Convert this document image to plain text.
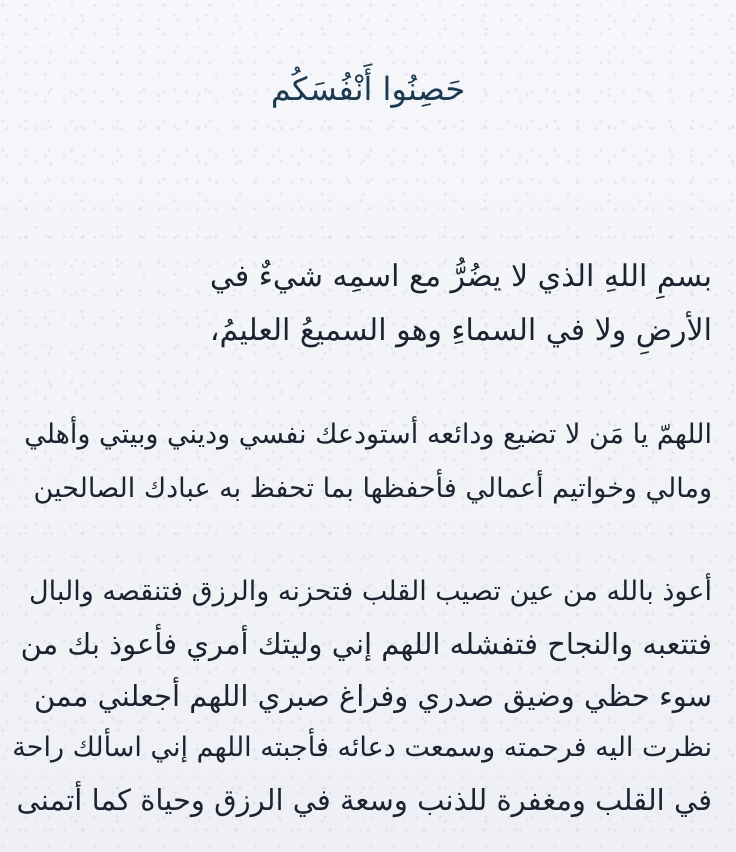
حَصِنُوا أَنْفُسَكُم
بسمِ اللهِ الذي لا يضُرُّ مع اسمِه شيءٌ في
الأرضِ ولا في السماءِ وهو السميعُ العليمُ،
اللهمّ يا مَن لا تضيع ودائعه أستودعك نفسي وديني وبيتي وأهلي
ومالي وخواتيم أعمالي فأحفظها بما تحفظ به عبادك الصالحين
أعوذ بالله من عين تصيب القلب فتحزنه والرزق فتنقصه والبال
فتتعبه والنجاح فتفشله اللهم إني وليتك أمري فأعوذ بك من
سوء حظي وضيق صدري وفراغ صبري اللهم أجعلني ممن
نظرت اليه فرحمته وسمعت دعائه فأجبته اللهم إني اسألك راحة
في القلب ومغفرة للذنب وسعة في الرزق وحياة كما أتمنى
